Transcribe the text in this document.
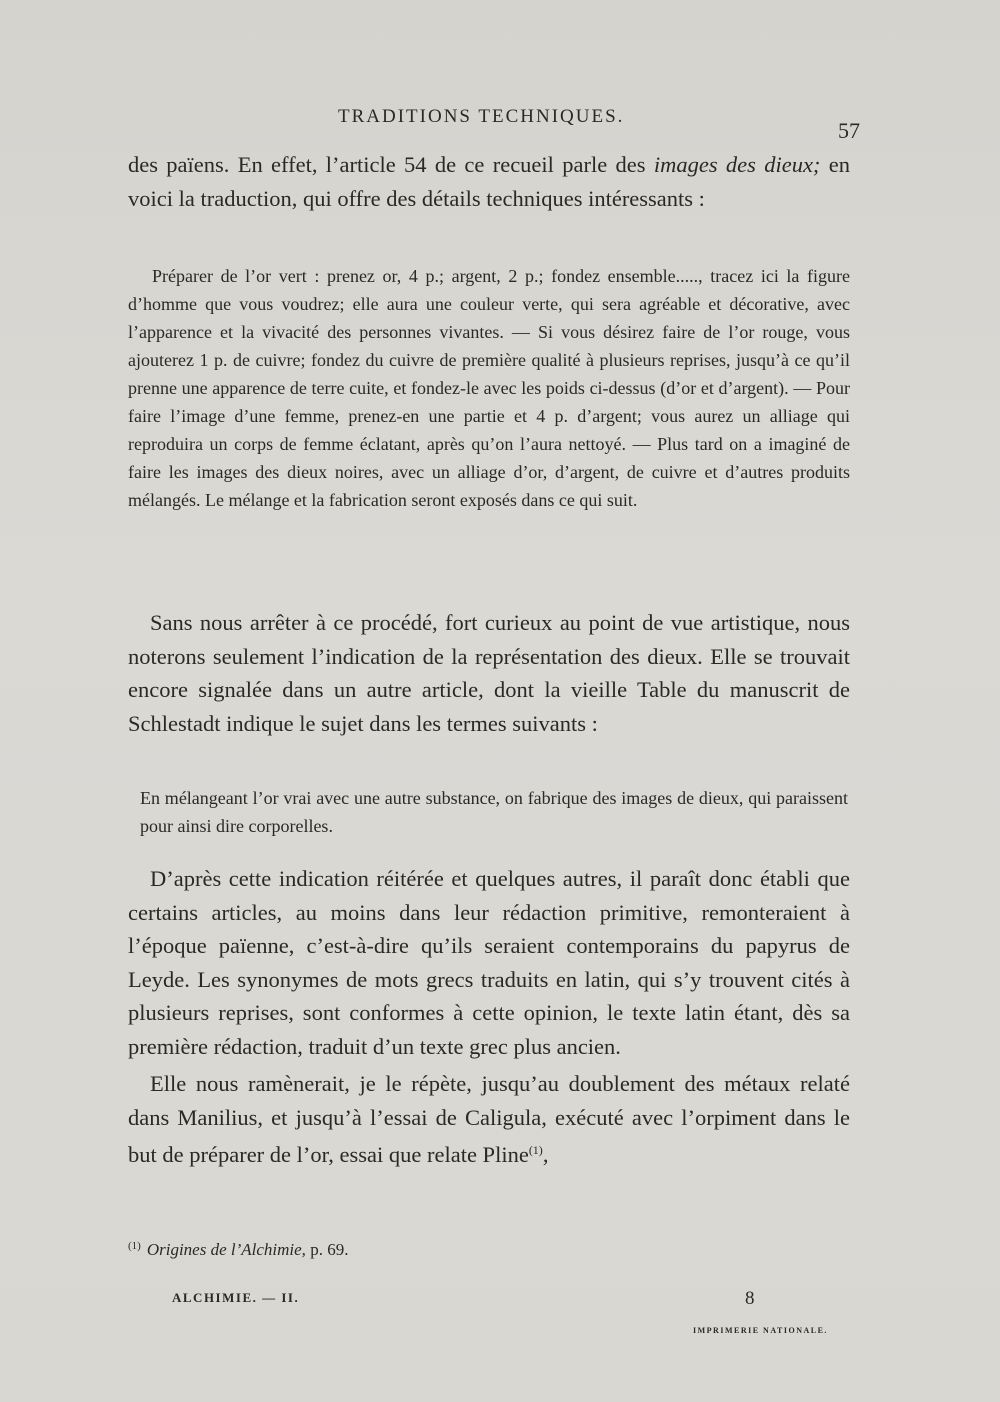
TRADITIONS TECHNIQUES.
57

des païens. En effet, l’article 54 de ce recueil parle des images des dieux; en voici la traduction, qui offre des détails techniques intéressants :

Préparer de l’or vert : prenez or, 4 p.; argent, 2 p.; fondez ensemble....., tracez ici la figure d’homme que vous voudrez; elle aura une couleur verte, qui sera agréable et décorative, avec l’apparence et la vivacité des personnes vivantes. — Si vous désirez faire de l’or rouge, vous ajouterez 1 p. de cuivre; fondez du cuivre de première qualité à plusieurs reprises, jusqu’à ce qu’il prenne une apparence de terre cuite, et fondez-le avec les poids ci-dessus (d’or et d’argent). — Pour faire l’image d’une femme, prenez-en une partie et 4 p. d’argent; vous aurez un alliage qui reproduira un corps de femme éclatant, après qu’on l’aura nettoyé. — Plus tard on a imaginé de faire les images des dieux noires, avec un alliage d’or, d’argent, de cuivre et d’autres produits mélangés. Le mélange et la fabrication seront exposés dans ce qui suit.

Sans nous arrêter à ce procédé, fort curieux au point de vue artistique, nous noterons seulement l’indication de la représentation des dieux. Elle se trouvait encore signalée dans un autre article, dont la vieille Table du manuscrit de Schlestadt indique le sujet dans les termes suivants :

En mélangeant l’or vrai avec une autre substance, on fabrique des images de dieux, qui paraissent pour ainsi dire corporelles.

D’après cette indication réitérée et quelques autres, il paraît donc établi que certains articles, au moins dans leur rédaction primitive, remonteraient à l’époque païenne, c’est-à-dire qu’ils seraient contemporains du papyrus de Leyde. Les synonymes de mots grecs traduits en latin, qui s’y trouvent cités à plusieurs reprises, sont conformes à cette opinion, le texte latin étant, dès sa première rédaction, traduit d’un texte grec plus ancien.

Elle nous ramènerait, je le répète, jusqu’au doublement des métaux relaté dans Manilius, et jusqu’à l’essai de Caligula, exécuté avec l’orpiment dans le but de préparer de l’or, essai que relate Pline$^{(1)}$,

$^{(1)}$ Origines de l’Alchimie, p. 69.
ALCHIMIE. — II.	8
IMPRIMERIE NATIONALE.
